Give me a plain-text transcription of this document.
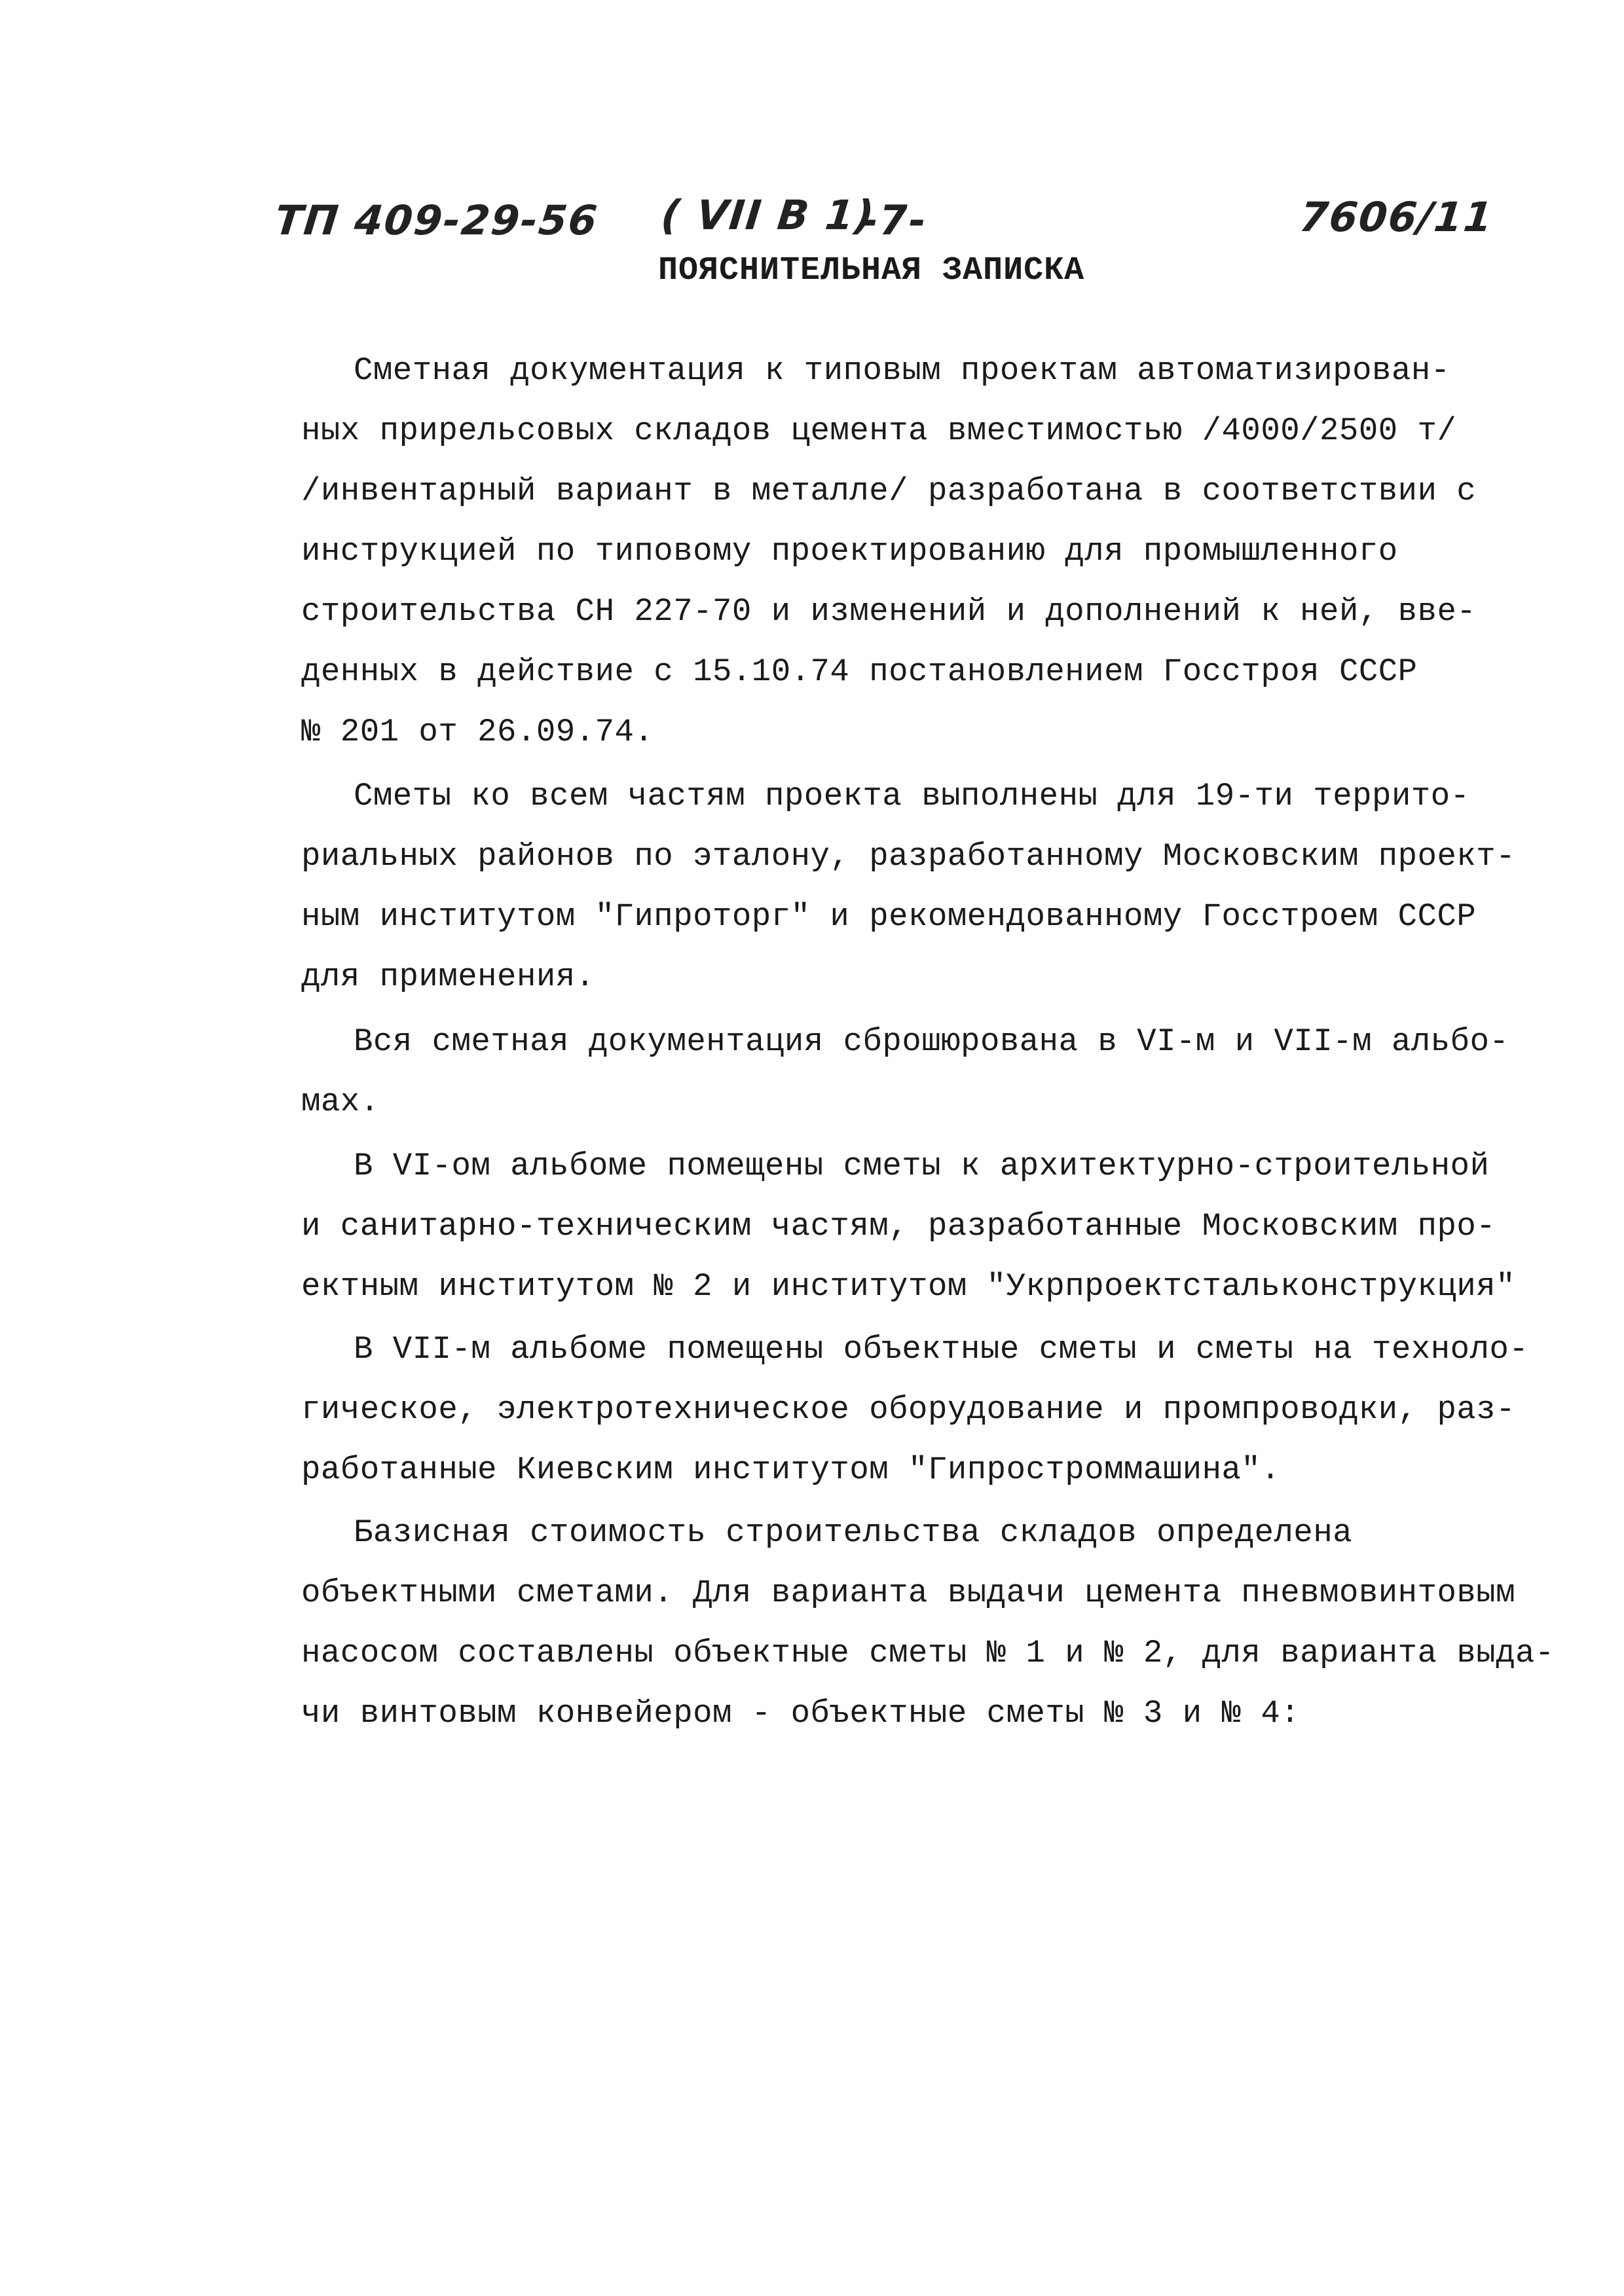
ТП 409-29-56 ( VII В 1)
-7-	7606/11
ПОЯСНИТЕЛЬНАЯ ЗАПИСКА
Сметная документация к типовым проектам автоматизирован-
ных прирельсовых складов цемента вместимостью /4000/2500 т/
/инвентарный вариант в металле/ разработана в соответствии с
инструкцией по типовому проектированию для промышленного
строительства СН 227-70 и изменений и дополнений к ней, вве-
денных в действие с 15.10.74 постановлением Госстроя СССР
№ 201 от 26.09.74.
Сметы ко всем частям проекта выполнены для 19-ти террито-
риальных районов по эталону, разработанному Московским проект-
ным институтом "Гипроторг" и рекомендованному Госстроем СССР
для применения.
Вся сметная документация сброшюрована в VI-м и VII-м альбо-
мах.
В VI-ом альбоме помещены сметы к архитектурно-строительной
и санитарно-техническим частям, разработанные Московским про-
ектным институтом № 2 и институтом "Укрпроектстальконструкция"
В VII-м альбоме помещены объектные сметы и сметы на техноло-
гическое, электротехническое оборудование и промпроводки, раз-
работанные Киевским институтом "Гипростроммашина".
Базисная стоимость строительства складов определена
объектными сметами. Для варианта выдачи цемента пневмовинтовым
насосом составлены объектные сметы № 1 и № 2, для варианта выда-
чи винтовым конвейером - объектные сметы № 3 и № 4:
